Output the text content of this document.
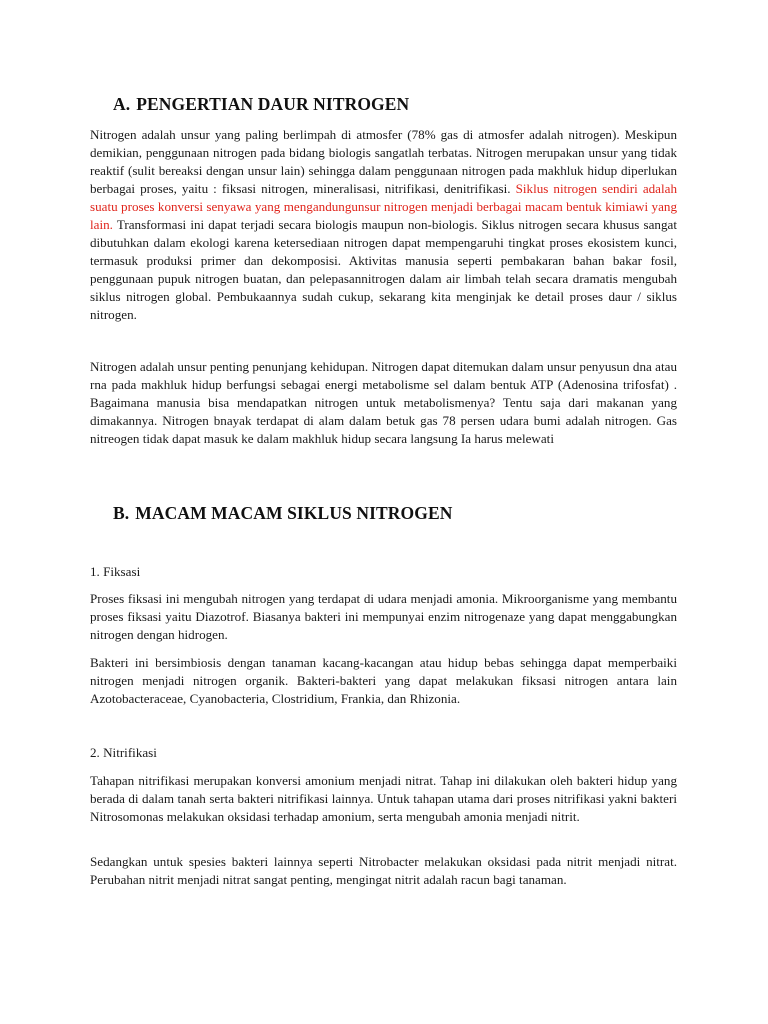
A. PENGERTIAN DAUR NITROGEN

Nitrogen adalah unsur yang paling berlimpah di atmosfer (78% gas di atmosfer adalah nitrogen). Meskipun demikian, penggunaan nitrogen pada bidang biologis sangatlah terbatas. Nitrogen merupakan unsur yang tidak reaktif (sulit bereaksi dengan unsur lain) sehingga dalam penggunaan nitrogen pada makhluk hidup diperlukan berbagai proses, yaitu : fiksasi nitrogen, mineralisasi, nitrifikasi, denitrifikasi. Siklus nitrogen sendiri adalah suatu proses konversi senyawa yang mengandungunsur nitrogen menjadi berbagai macam bentuk kimiawi yang lain. Transformasi ini dapat terjadi secara biologis maupun non-biologis. Siklus nitrogen secara khusus sangat dibutuhkan dalam ekologi karena ketersediaan nitrogen dapat mempengaruhi tingkat proses ekosistem kunci, termasuk produksi primer dan dekomposisi. Aktivitas manusia seperti pembakaran bahan bakar fosil, penggunaan pupuk nitrogen buatan, dan pelepasannitrogen dalam air limbah telah secara dramatis mengubah siklus nitrogen global. Pembukaannya sudah cukup, sekarang kita menginjak ke detail proses daur / siklus nitrogen.

Nitrogen adalah unsur penting penunjang kehidupan. Nitrogen dapat ditemukan dalam unsur penyusun dna atau rna pada makhluk hidup berfungsi sebagai energi metabolisme sel dalam bentuk ATP (Adenosina trifosfat) . Bagaimana manusia bisa mendapatkan nitrogen untuk metabolismenya? Tentu saja dari makanan yang dimakannya. Nitrogen bnayak terdapat di alam dalam betuk gas 78 persen udara bumi adalah nitrogen. Gas nitreogen tidak dapat masuk ke dalam makhluk hidup secara langsung Ia harus melewati

B. MACAM MACAM SIKLUS NITROGEN

1. Fiksasi

Proses fiksasi ini mengubah nitrogen yang terdapat di udara menjadi amonia. Mikroorganisme yang membantu proses fiksasi yaitu Diazotrof. Biasanya bakteri ini mempunyai enzim nitrogenaze yang dapat menggabungkan nitrogen dengan hidrogen.

Bakteri ini bersimbiosis dengan tanaman kacang-kacangan atau hidup bebas sehingga dapat memperbaiki nitrogen menjadi nitrogen organik. Bakteri-bakteri yang dapat melakukan fiksasi nitrogen antara lain Azotobacteraceae, Cyanobacteria, Clostridium, Frankia, dan Rhizonia.

2. Nitrifikasi

Tahapan nitrifikasi merupakan konversi amonium menjadi nitrat. Tahap ini dilakukan oleh bakteri hidup yang berada di dalam tanah serta bakteri nitrifikasi lainnya. Untuk tahapan utama dari proses nitrifikasi yakni bakteri Nitrosomonas melakukan oksidasi terhadap amonium, serta mengubah amonia menjadi nitrit.

Sedangkan untuk spesies bakteri lainnya seperti Nitrobacter melakukan oksidasi pada nitrit menjadi nitrat. Perubahan nitrit menjadi nitrat sangat penting, mengingat nitrit adalah racun bagi tanaman.
